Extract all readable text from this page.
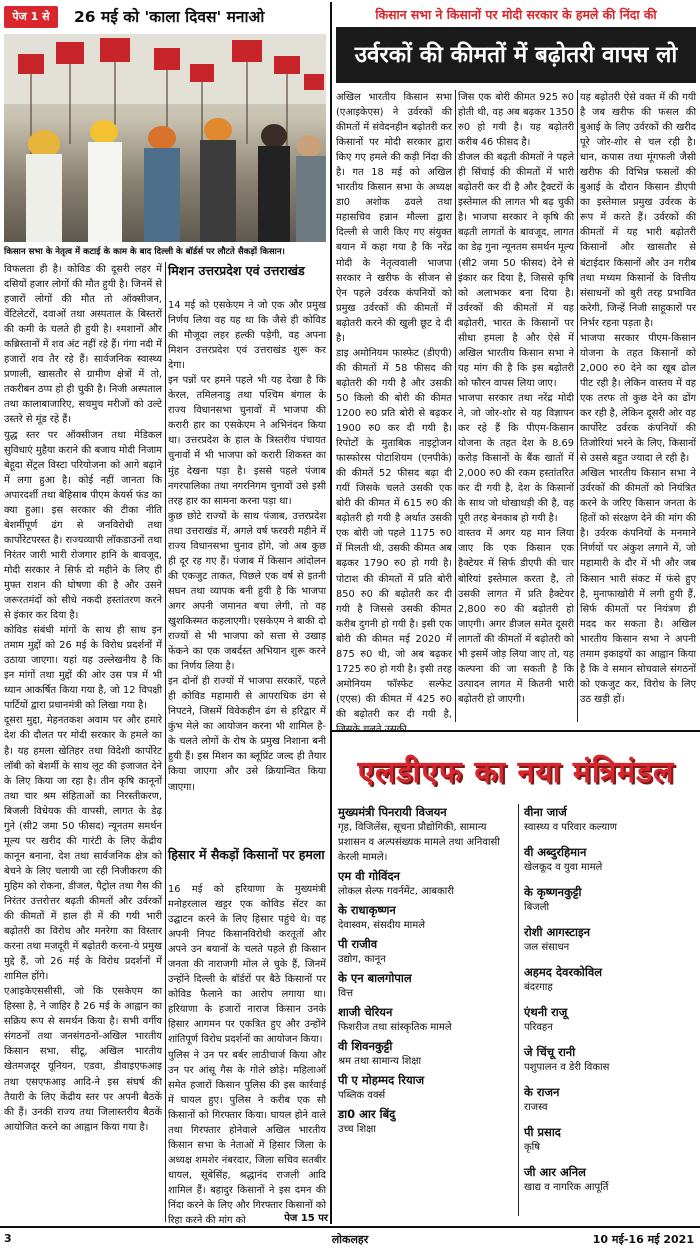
पेज 1 से	26 मई को 'काला दिवस' मनाओ
किसान सभा के नेतृत्व में कटाई के काम के बाद दिल्ली के बॉर्डर्स पर लौटते सैकड़ों किसान।

विफलता ही है। कोविड की दूसरी लहर में दसियों हजार लोगों की मौत हुयी है। जिनमें से हजारों लोगों की मौत तो ऑक्सीजन, वेंटिलेटरों, दवाओं तथा अस्पताल के बिस्तरों की कमी के चलते ही हुयी है। श्मशानों और कब्रिस्तानों में शव अंट नहीं रहे हैं। गंगा नदी में हजारों शव तैर रहे हैं। सार्वजनिक स्वास्थ्य प्रणाली, खासतौर से ग्रामीण क्षेत्रों में तो, तकरीबन ठप्प हो ही चुकी है। निजी अस्पताल तथा कालाबाजारिए, सचमुच मरीजों को उल्टे उस्तरे से मूंड रहे हैं।
युद्ध स्तर पर ऑक्सीजन तथा मेडिकल सुविधाएं मुहैया कराने की बजाय मोदी निजाम बेहूदा सेंट्रल विस्टा परियोजना को आगे बढ़ाने में लगा हुआ है। कोई नहीं जानता कि अपारदर्शी तथा बेहिसाब पीएम केयर्स फंड का क्या हुआ। इस सरकार की टीका नीति बेशर्मीपूर्ण ढंग से जनविरोधी तथा कार्पोरेटपरस्त है। राज्यव्यापी लॉकडाउनों तथा निरंतर जारी भारी रोजगार हानि के बावजूद, मोदी सरकार ने सिर्फ दो महीने के लिए ही मुफ्त राशन की घोषणा की है और उसने जरूरतमंदों को सीधे नकदी हस्तांतरण करने से इंकार कर दिया है।
कोविड संबंधी मांगों के साथ ही साथ इन तमाम मुद्दों को 26 मई के विरोध प्रदर्शनों में उठाया जाएगा। यहां यह उल्लेखनीय है कि इन मांगों तथा मुद्दों की ओर उस पत्र में भी ध्यान आकर्षित किया गया है, जो 12 विपक्षी पार्टियों द्वारा प्रधानमंत्री को लिखा गया है।
दूसरा मुद्दा, मेहनतकश अवाम पर और हमारे देश की दौलत पर मोदी सरकार के हमले का है। यह हमला खेतिहर तथा विदेशी कार्पोरेट लॉबी को बेशर्मी के साथ लूट की इजाजत देने के लिए किया जा रहा है। तीन कृषि कानूनों तथा चार श्रम संहिताओं का निरस्तीकरण, बिजली विधेयक की वापसी, लागत के डेढ़ गुने (सी2 जमा 50 फीसद) न्यूनतम समर्थन मूल्य पर खरीद की गारंटी के लिए केंद्रीय कानून बनाना, देश तथा सार्वजनिक क्षेत्र को बेचने के लिए चलायी जा रही निजीकरण की मुहिम को रोकना, डीजल, पैट्रोल तथा गैस की निरंतर उत्तरोत्तर बढ़ती कीमतों और उर्वरकों की कीमतों में हाल ही में की गयी भारी बढ़ोतरी का विरोध और मनरेगा का विस्तार करना तथा मजदूरी में बढ़ोतरी करना-ये प्रमुख मुद्दे हैं, जो 26 मई के विरोध प्रदर्शनों में शामिल होंगे।
एआइकेएससीसी, जो कि एसकेएम का हिस्सा है, ने जाहिर है 26 मई के आह्वान का सक्रिय रूप से समर्थन किया है। सभी वर्गीय संगठनों तथा जनसंगठनों-अखिल भारतीय किसान सभा, सीटू, अखिल भारतीय खेतमजदूर यूनियन, एडवा, डीवाइएफआइ तथा एसएफआइ आदि-ने इस संघर्ष की तैयारी के लिए केंद्रीय स्तर पर अपनी बैठकें की हैं। उनकी राज्य तथा जिलास्तरीय बैठकें आयोजित करने का आह्वान किया गया है।

मिशन उत्तरप्रदेश एवं उत्तराखंड

14 मई को एसकेएम ने जो एक और प्रमुख निर्णय लिया वह यह था कि जैसे ही कोविड की मौजूदा लहर हल्की पड़ेगी, वह अपना मिशन उत्तरप्रदेश एवं उत्तराखंड शुरू कर देगा।
इन पन्नों पर हमने पहले भी यह देखा है कि केरल, तमिलनाडु तथा पश्चिम बंगाल के राज्य विधानसभा चुनावों में भाजपा की करारी हार का एसकेएम ने अभिनंदन किया था। उत्तरप्रदेश के हाल के त्रिस्तरीय पंचायत चुनावों में भी भाजपा को करारी शिकस्त का मुंह देखना पड़ा है। इससे पहले पंजाब नगरपालिका तथा नगरनिगम चुनावों उसे इसी तरह हार का सामना करना पड़ा था।
कुछ छोटे राज्यों के साथ पंजाब, उत्तरप्रदेश तथा उत्तराखंड में, अगले वर्ष फरवरी महीने में राज्य विधानसभा चुनाव होंगे, जो अब कुछ ही दूर रह गए हैं। पंजाब में किसान आंदोलन की एकजुट ताकत, पिछले एक वर्ष से इतनी सघन तथा व्यापक बनी हुयी है कि भाजपा अगर अपनी जमानत बचा लेगी, तो वह खुशकिस्मत कहलाएगी। एसकेएम ने बाकी दो राज्यों से भी भाजपा को सत्ता से उखाड़ फेंकने का एक जबर्दस्त अभियान शुरू करने का निर्णय लिया है।
इन दोनों ही राज्यों में भाजपा सरकारें, पहले ही कोविड महामारी से आपराधिक ढंग से निपटने, जिसमें विवेकहीन ढंग से हरिद्वार में कुंभ मेले का आयोजन करना भी शामिल है- के चलते लोगों के रोष के प्रमुख निशाना बनी हुयी हैं। इस मिशन का ब्लूप्रिंट जल्द ही तैयार किया जाएगा और उसे क्रियान्वित किया जाएगा।

हिसार में सैकड़ों किसानों पर हमला

16 मई को हरियाणा के मुख्यमंत्री मनोहरलाल खट्टर एक कोविड सेंटर का उद्घाटन करने के लिए हिसार पहुंचे थे। वह अपनी निपट किसानविरोधी करतूतों और अपने उन बयानों के चलते पहले ही किसान जनता की नाराजगी मोल ले चुके हैं, जिनमें उन्होंने दिल्ली के बॉर्डरों पर बैठे किसानों पर कोविड फैलाने का आरोप लगाया था। हरियाणा के हजारों नाराज किसान उनके हिसार आगमन पर एकत्रित हुए और उन्होंने शांतिपूर्ण विरोध प्रदर्शनों का आयोजन किया।
पुलिस ने उन पर बर्बर लाठीचार्ज किया और उन पर आंसू गैस के गोले छोड़े। महिलाओं समेत हजारों किसान पुलिस की इस कार्रवाई में घायल हुए। पुलिस ने करीब एक सौ किसानों को गिरफ्तार किया। घायल होने वाले तथा गिरफ्तार होनेवाले अखिल भारतीय किसान सभा के नेताओं में हिसार जिला के अध्यक्ष शमशेर नंबरदार, जिला सचिव सतबीर धायल, सूबेसिंह, श्रद्धानंद राजली आदि शामिल हैं। बहादुर किसानों ने इस दमन की निंदा करने के लिए और गिरफ्तार किसानों को रिहा करने की मांग को	पेज 15 पर
किसान सभा ने किसानों पर मोदी सरकार के हमले की निंदा की
उर्वरकों की कीमतों में बढ़ोतरी वापस लो

अखिल भारतीय किसान सभा (एआइकेएस) ने उर्वरकों की कीमतों में संवेदनहीन बढ़ोतरी कर किसानों पर मोदी सरकार द्वारा किए गए हमले की कड़ी निंदा की है। गत 18 मई को अखिल भारतीय किसान सभा के अध्यक्ष डा0 अशोक ढवले तथा महासचिव हन्नान मौल्ला द्वारा दिल्ली से जारी किए गए संयुक्त बयान में कहा गया है कि नरेंद्र मोदी के नेतृत्ववाली भाजपा सरकार ने खरीफ के सीजन से ऐन पहले उर्वरक कंपनियों को प्रमुख उर्वरकों की कीमतों में बढ़ोतरी करने की खुली छूट दे दी है।
डाइ अमोनियम फास्फेट (डीएपी) की कीमतों में 58 फीसद की बढ़ोतरी की गयी है और उसकी 50 किलो की बोरी की कीमत 1200 रु0 प्रति बोरी से बढ़कर 1900 रु0 कर दी गयी है। रिपोर्टों के मुताबिक नाइट्रोजन फास्फोरस पोटाशियम (एनपीके) की कीमतें 52 फीसद बढ़ा दी गयीं जिसके चलते उसकी एक बोरी की कीमत में 615 रु0 की बढ़ोतरी हो गयी है अर्थात उसकी एक बोरी जो पहले 1175 रु0 में मिलती थी, उसकी कीमत अब बढ़कर 1790 रु0 हो गयी है। पोटाश की कीमतों में प्रति बोरी 850 रु0 की बढ़ोतरी कर दी गयी है जिससे उसकी कीमत करीब दुगनी हो गयी है। इसी एक बोरी की कीमत मई 2020 में 875 रु0 थी, जो अब बढ़कर 1725 रु0 हो गयी है। इसी तरह अमोनियम फॉस्फेट सल्फेट (एएस) की कीमत में 425 रु0 की बढ़ोतरी कर दी गयी है,

जिस एक बोरी कीमत 925 रु0 होती थी, वह अब बढ़कर 1350 रु0 हो गयी है। यह बढ़ोतरी करीब 46 फीसद है।
डीजल की बढ़ती कीमतों ने पहले ही सिंचाई की कीमतों में भारी बढ़ोतरी कर दी है और ट्रैक्टरों के इस्तेमाल की लागत भी बढ़ चुकी है। भाजपा सरकार ने कृषि की बढ़ती लागतों के बावजूद, लागत का डेढ़ गुना न्यूनतम समर्थन मूल्य (सी2 जमा 50 फीसद) देने से इंकार कर दिया है, जिससे कृषि को अलाभकर बना दिया है। उर्वरकों की कीमतों में यह बढ़ोतरी, भारत के किसानों पर सीधा हमला है और ऐसे में अखिल भारतीय किसान सभा ने यह मांग की है कि इस बढ़ोतरी को फौरन वापस लिया जाए।
भाजपा सरकार तथा नरेंद्र मोदी ने, जो जोर-शोर से यह विज्ञापन कर रहे हैं कि पीएम-किसान योजना के तहत देश के 8.69 करोड़ किसानों के बैंक खातों में 2,000 रु0 की रकम हस्तांतरित कर दी गयी है, देश के किसानों के साथ जो धोखाधड़ी की है, वह पूरी तरह बेनकाब हो गयी है।
वास्तव में अगर यह मान लिया जाए कि एक किसान एक हैक्टेयर में सिर्फ डीएपी की चार बोरियां इस्तेमाल करता है, तो उसकी लागत में प्रति हैक्टेयर 2,800 रु0 की बढ़ोतरी हो जाएगी। अगर डीजल समेत दूसरी लागतों की कीमतों में बढ़ोतरी को भी इसमें जोड़ लिया जाए तो, यह कल्पना की जा सकती है कि उत्पादन लागत में कितनी भारी बढ़ोतरी हो जाएगी।

यह बढ़ोतरी ऐसे वक्त में की गयी है जब खरीफ की फसल की बुआई के लिए उर्वरकों की खरीद पूरे जोर-शोर से चल रही है। धान, कपास तथा मूंगफली जैसी खरीफ की विभिन्न फसलों की बुआई के दौरान किसान डीएपी का इस्तेमाल प्रमुख उर्वरक के रूप में करते हैं। उर्वरकों की कीमतों में यह भारी बढ़ोतरी किसानों और खासतौर से बंटाईदार किसानों और उन गरीब तथा मध्यम किसानों के वित्तीय संसाधनों को बुरी तरह प्रभावित करेगी, जिन्हें निजी साहूकारों पर निर्भर रहना पड़ता है।
भाजपा सरकार पीएम-किसान योजना के तहत किसानों को 2,000 रु0 देने का खूब ढोल पीट रही है। लेकिन वास्तव में वह एक तरफ तो कुछ देने का ढोंग कर रही है, लेकिन दूसरी ओर वह कार्पोरेट उर्वरक कंपनियों की तिजोरियां भरने के लिए, किसानों से उससे बहुत ज्यादा ले रही है।
अखिल भारतीय किसान सभा ने उर्वरकों की कीमतों को नियंत्रित करने के जरिए किसान जनता के हितों को संरक्षण देने की मांग की है। उर्वरक कंपनियों के मनमाने निर्णयों पर अंकुश लगाने में, जो महामारी के दौर में भी और जब किसान भारी संकट में फंसे हुए है, मुनाफाखोरी में लगी हुयी हैं, सिर्फ कीमतों पर नियंत्रण ही मदद कर सकता है। अखिल भारतीय किसान सभा ने अपनी तमाम इकाइयों का आह्वान किया है कि वे समान सोचवाले संगठनों को एकजुट कर, विरोध के लिए उठ खड़ी हों।

एलडीएफ का नया मंत्रिमंडल
मुख्यमंत्री पिनरायी विजयन
गृह, विजिलेंस, सूचना प्रौद्योगिकी, सामान्य प्रशासन व अल्पसंख्यक मामले तथा अनिवासी केरली मामले।
एम वी गोविंदन
लोकल सेल्फ गवर्नमेंट, आबकारी
के राधाकृष्णन
देवास्वम, संसदीय मामले
पी राजीव
उद्योग, कानून
के एन बालगोपाल
वित्त
शाजी चेरियन
फिशरीज तथा सांस्कृतिक मामले
वी शिवनकुट्टी
श्रम तथा सामान्य शिक्षा
पी ए मोहम्मद रियाज
पब्लिक वर्क्स
डा0 आर बिंदु
उच्च शिक्षा
वीना जार्ज
स्वास्थ्य व परिवार कल्याण
वी अब्दुरहिमान
खेलकूद व युवा मामले
के कृष्णनकुट्टी
बिजली
रोशी आगस्टाइन
जल संसाधन
अहमद देवरकोविल
बंदरगाह
एंथनी राजू
परिवहन
जे चिंचू रानी
पशुपालन व डेरी विकास
के राजन
राजस्व
पी प्रसाद
कृषि
जी आर अनिल
खाद्य व नागरिक आपूर्ति
3	लोकलहर	10 मई-16 मई 2021
